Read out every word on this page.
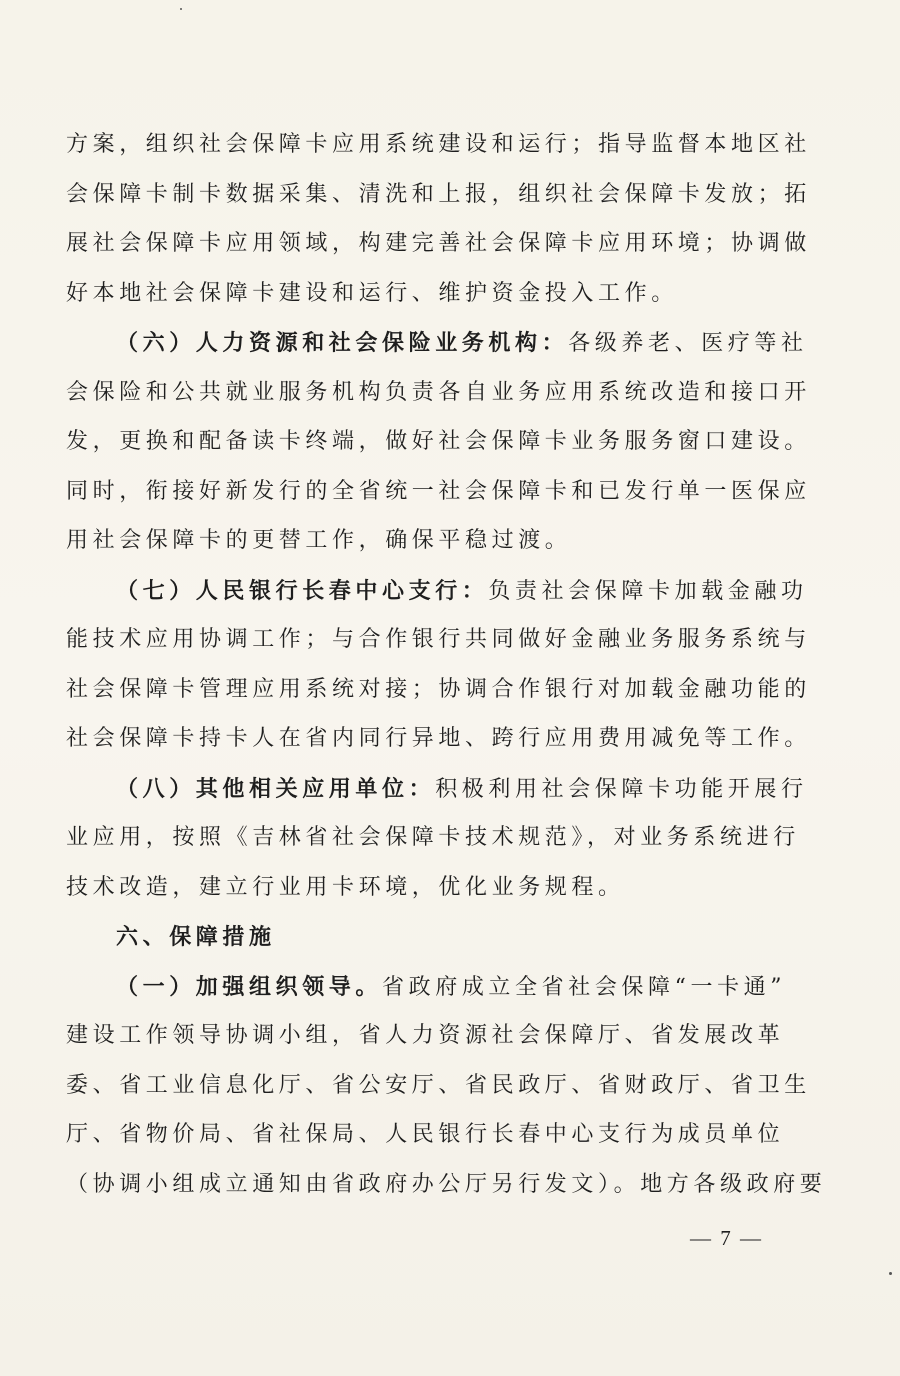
方案，组织社会保障卡应用系统建设和运行；指导监督本地区社
会保障卡制卡数据采集、清洗和上报，组织社会保障卡发放；拓
展社会保障卡应用领域，构建完善社会保障卡应用环境；协调做
好本地社会保障卡建设和运行、维护资金投入工作。
（六）人力资源和社会保险业务机构：各级养老、医疗等社
会保险和公共就业服务机构负责各自业务应用系统改造和接口开
发，更换和配备读卡终端，做好社会保障卡业务服务窗口建设。
同时，衔接好新发行的全省统一社会保障卡和已发行单一医保应
用社会保障卡的更替工作，确保平稳过渡。
（七）人民银行长春中心支行：负责社会保障卡加载金融功
能技术应用协调工作；与合作银行共同做好金融业务服务系统与
社会保障卡管理应用系统对接；协调合作银行对加载金融功能的
社会保障卡持卡人在省内同行异地、跨行应用费用减免等工作。
（八）其他相关应用单位：积极利用社会保障卡功能开展行
业应用，按照《吉林省社会保障卡技术规范》，对业务系统进行
技术改造，建立行业用卡环境，优化业务规程。
六、保障措施
（一）加强组织领导。省政府成立全省社会保障“一卡通”
建设工作领导协调小组，省人力资源社会保障厅、省发展改革
委、省工业信息化厅、省公安厅、省民政厅、省财政厅、省卫生
厅、省物价局、省社保局、人民银行长春中心支行为成员单位
（协调小组成立通知由省政府办公厅另行发文）。地方各级政府要
— 7 —
